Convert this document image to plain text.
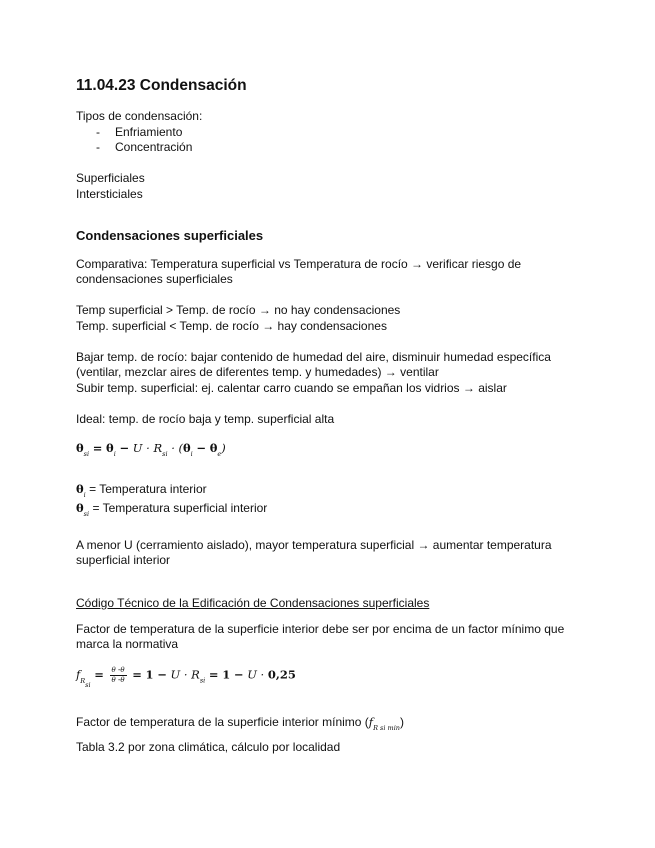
11.04.23 Condensación
Tipos de condensación:
- Enfriamiento
- Concentración
Superficiales
Intersticiales
Condensaciones superficiales
Comparativa: Temperatura superficial vs Temperatura de rocío → verificar riesgo de
condensaciones superficiales
Temp superficial > Temp. de rocío → no hay condensaciones
Temp. superficial < Temp. de rocío → hay condensaciones
Bajar temp. de rocío: bajar contenido de humedad del aire, disminuir humedad específica
(ventilar, mezclar aires de diferentes temp. y humedades) → ventilar
Subir temp. superficial: ej. calentar carro cuando se empañan los vidrios → aislar
Ideal: temp. de rocío baja y temp. superficial alta
$\theta_{si} = \theta_i - U \cdot R_{si} \cdot (\theta_i - \theta_e)$
$\theta_i$ = Temperatura interior
$\theta_{si}$ = Temperatura superficial interior
A menor U (cerramiento aislado), mayor temperatura superficial → aumentar temperatura
superficial interior
Código Técnico de la Edificación de Condensaciones superficiales
Factor de temperatura de la superficie interior debe ser por encima de un factor mínimo que
marca la normativa
$f_{R_{si}} = \frac{\theta -\theta}{\theta -\theta} = 1 - U \cdot R_{si} = 1 - U \cdot 0,25$
Factor de temperatura de la superficie interior mínimo $(f_{R si min})$
Tabla 3.2 por zona climática, cálculo por localidad
